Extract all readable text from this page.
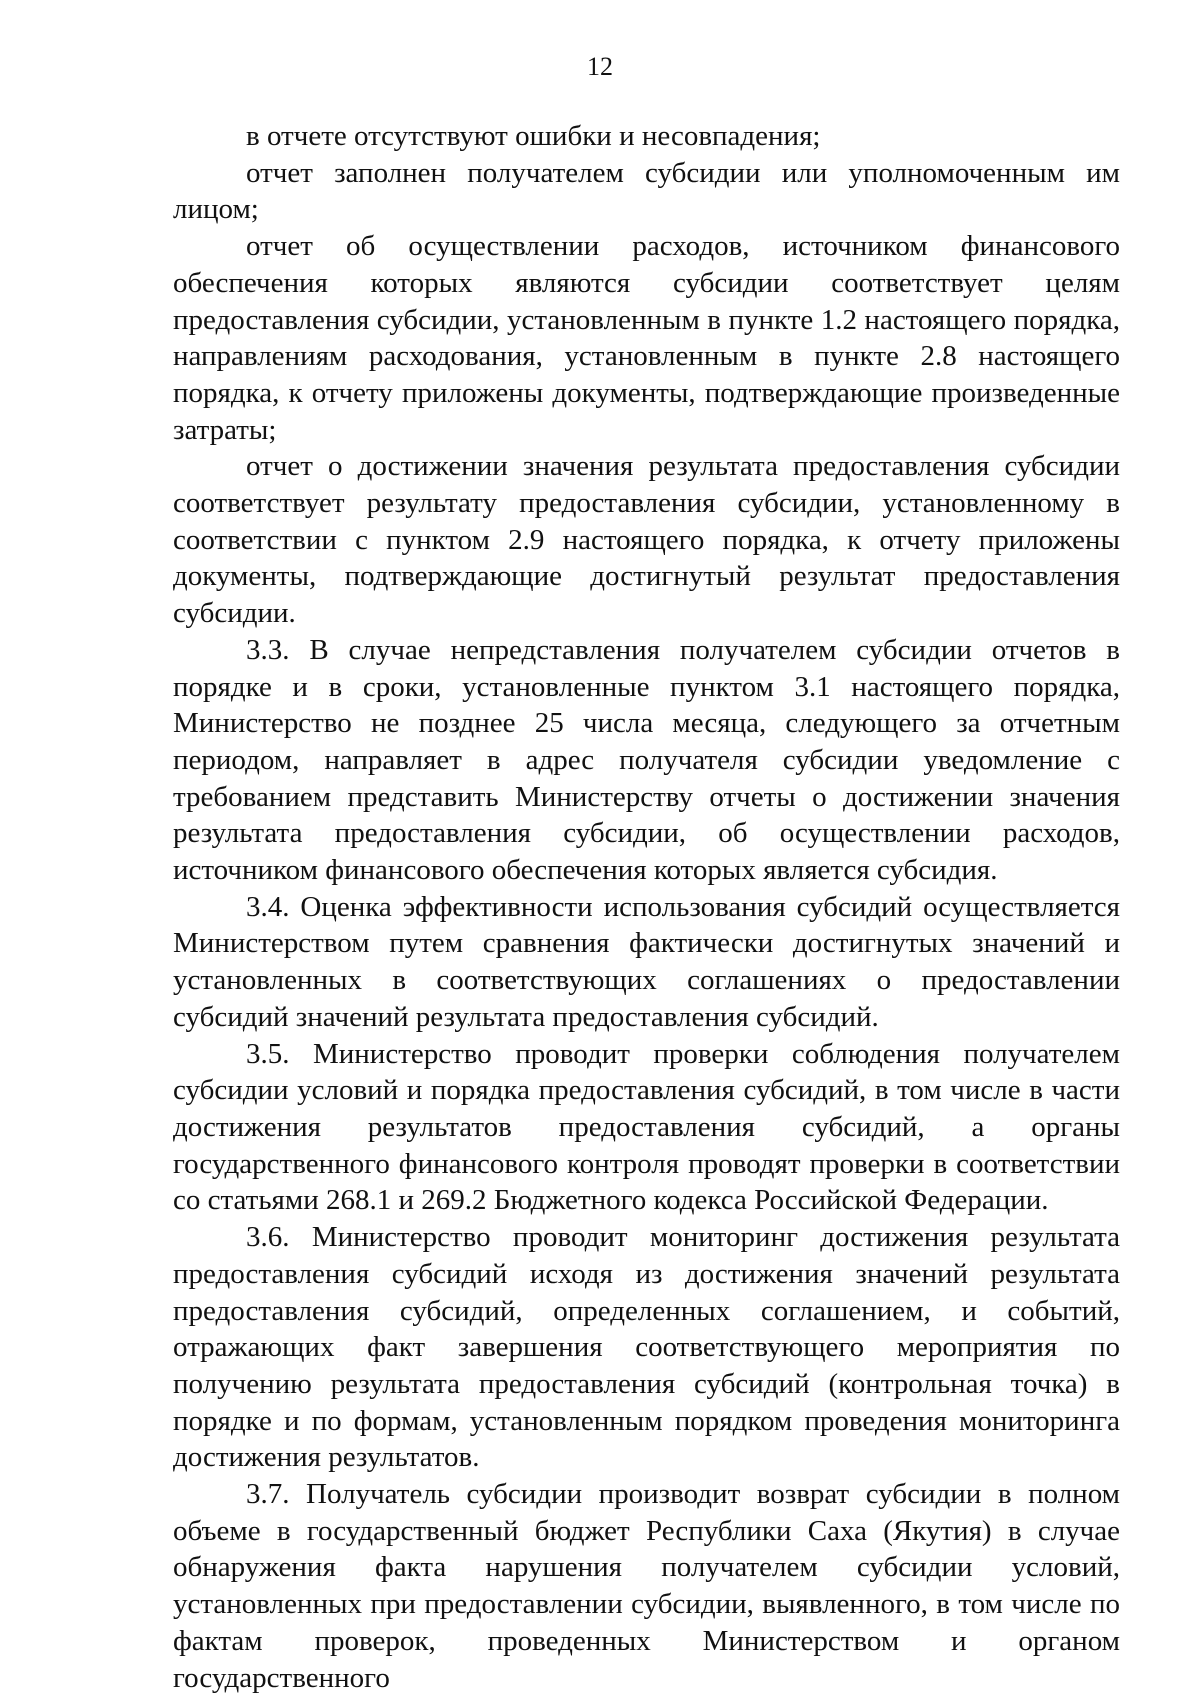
12

в отчете отсутствуют ошибки и несовпадения;

отчет заполнен получателем субсидии или уполномоченным им лицом;

отчет об осуществлении расходов, источником финансового обеспечения которых являются субсидии соответствует целям предоставления субсидии, установленным в пункте 1.2 настоящего порядка, направлениям расходования, установленным в пункте 2.8 настоящего порядка, к отчету приложены документы, подтверждающие произведенные затраты;

отчет о достижении значения результата предоставления субсидии соответствует результату предоставления субсидии, установленному в соответствии с пунктом 2.9 настоящего порядка, к отчету приложены документы, подтверждающие достигнутый результат предоставления субсидии.

3.3. В случае непредставления получателем субсидии отчетов в порядке и в сроки, установленные пунктом 3.1 настоящего порядка, Министерство не позднее 25 числа месяца, следующего за отчетным периодом, направляет в адрес получателя субсидии уведомление с требованием представить Министерству отчеты о достижении значения результата предоставления субсидии, об осуществлении расходов, источником финансового обеспечения которых является субсидия.

3.4. Оценка эффективности использования субсидий осуществляется Министерством путем сравнения фактически достигнутых значений и установленных в соответствующих соглашениях о предоставлении субсидий значений результата предоставления субсидий.

3.5. Министерство проводит проверки соблюдения получателем субсидии условий и порядка предоставления субсидий, в том числе в части достижения результатов предоставления субсидий, а органы государственного финансового контроля проводят проверки в соответствии со статьями 268.1 и 269.2 Бюджетного кодекса Российской Федерации.

3.6. Министерство проводит мониторинг достижения результата предоставления субсидий исходя из достижения значений результата предоставления субсидий, определенных соглашением, и событий, отражающих факт завершения соответствующего мероприятия по получению результата предоставления субсидий (контрольная точка) в порядке и по формам, установленным порядком проведения мониторинга достижения результатов.

3.7. Получатель субсидии производит возврат субсидии в полном объеме в государственный бюджет Республики Саха (Якутия) в случае обнаружения факта нарушения получателем субсидии условий, установленных при предоставлении субсидии, выявленного, в том числе по фактам проверок, проведенных Министерством и органом государственного
